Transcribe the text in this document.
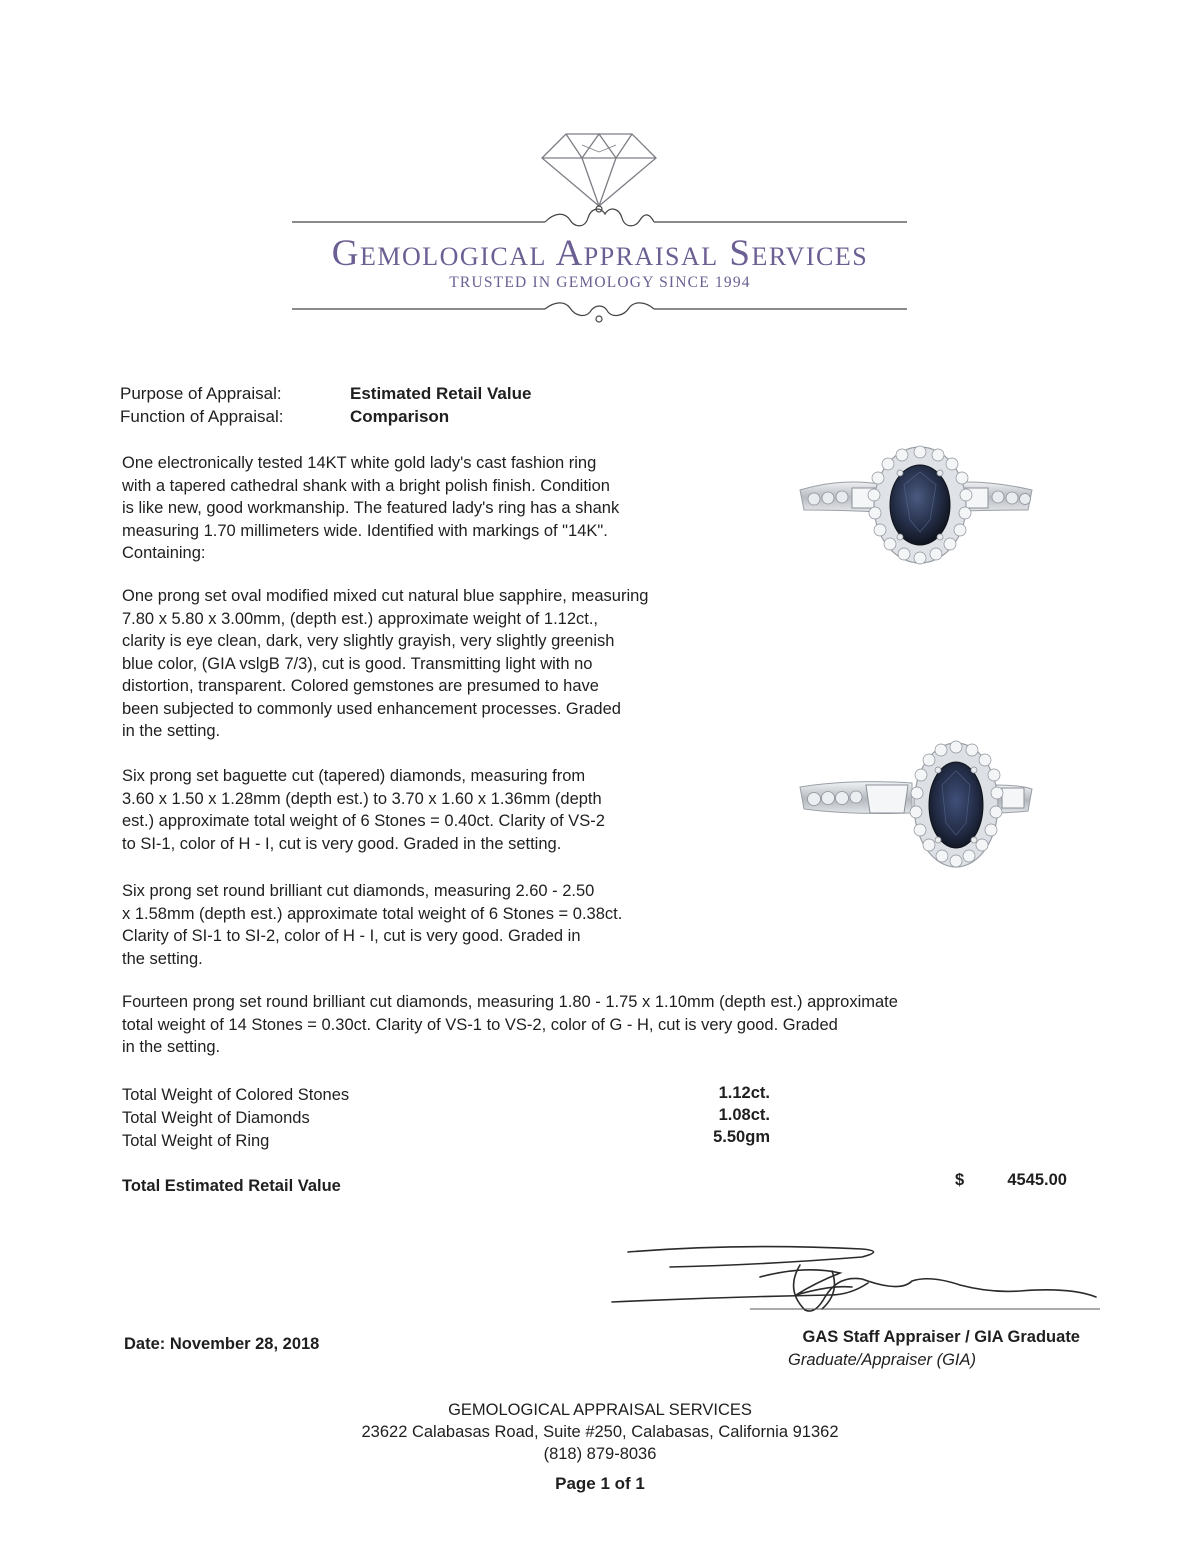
Gemological Appraisal Services
TRUSTED IN GEMOLOGY SINCE 1994
Purpose of Appraisal:	Estimated Retail Value
Function of Appraisal:	Comparison
One electronically tested 14KT white gold lady's cast fashion ring
with a tapered cathedral shank with a bright polish finish. Condition
is like new, good workmanship. The featured lady's ring has a shank
measuring 1.70 millimeters wide. Identified with markings of "14K".
Containing:
One prong set oval modified mixed cut natural blue sapphire, measuring
7.80 x 5.80 x 3.00mm, (depth est.) approximate weight of 1.12ct.,
clarity is eye clean, dark, very slightly grayish, very slightly greenish
blue color, (GIA vslgB 7/3), cut is good. Transmitting light with no
distortion, transparent. Colored gemstones are presumed to have
been subjected to commonly used enhancement processes. Graded
in the setting.
Six prong set baguette cut (tapered) diamonds, measuring from
3.60 x 1.50 x 1.28mm (depth est.) to 3.70 x 1.60 x 1.36mm (depth
est.) approximate total weight of 6 Stones = 0.40ct. Clarity of VS-2
to SI-1, color of H - I, cut is very good. Graded in the setting.
Six prong set round brilliant cut diamonds, measuring 2.60 - 2.50
x 1.58mm (depth est.) approximate total weight of 6 Stones = 0.38ct.
Clarity of SI-1 to SI-2, color of H - I, cut is very good. Graded in
the setting.
Fourteen prong set round brilliant cut diamonds, measuring 1.80 - 1.75 x 1.10mm (depth est.) approximate
total weight of 14 Stones = 0.30ct. Clarity of VS-1 to VS-2, color of G - H, cut is very good. Graded
in the setting.
Total Weight of Colored Stones	1.12ct.
Total Weight of Diamonds	1.08ct.
Total Weight of Ring	5.50gm
Total Estimated Retail Value	$	4545.00
Date: November 28, 2018	GAS Staff Appraiser / GIA Graduate
Graduate/Appraiser (GIA)
GEMOLOGICAL APPRAISAL SERVICES
23622 Calabasas Road, Suite #250, Calabasas, California 91362
(818) 879-8036
Page 1 of 1
